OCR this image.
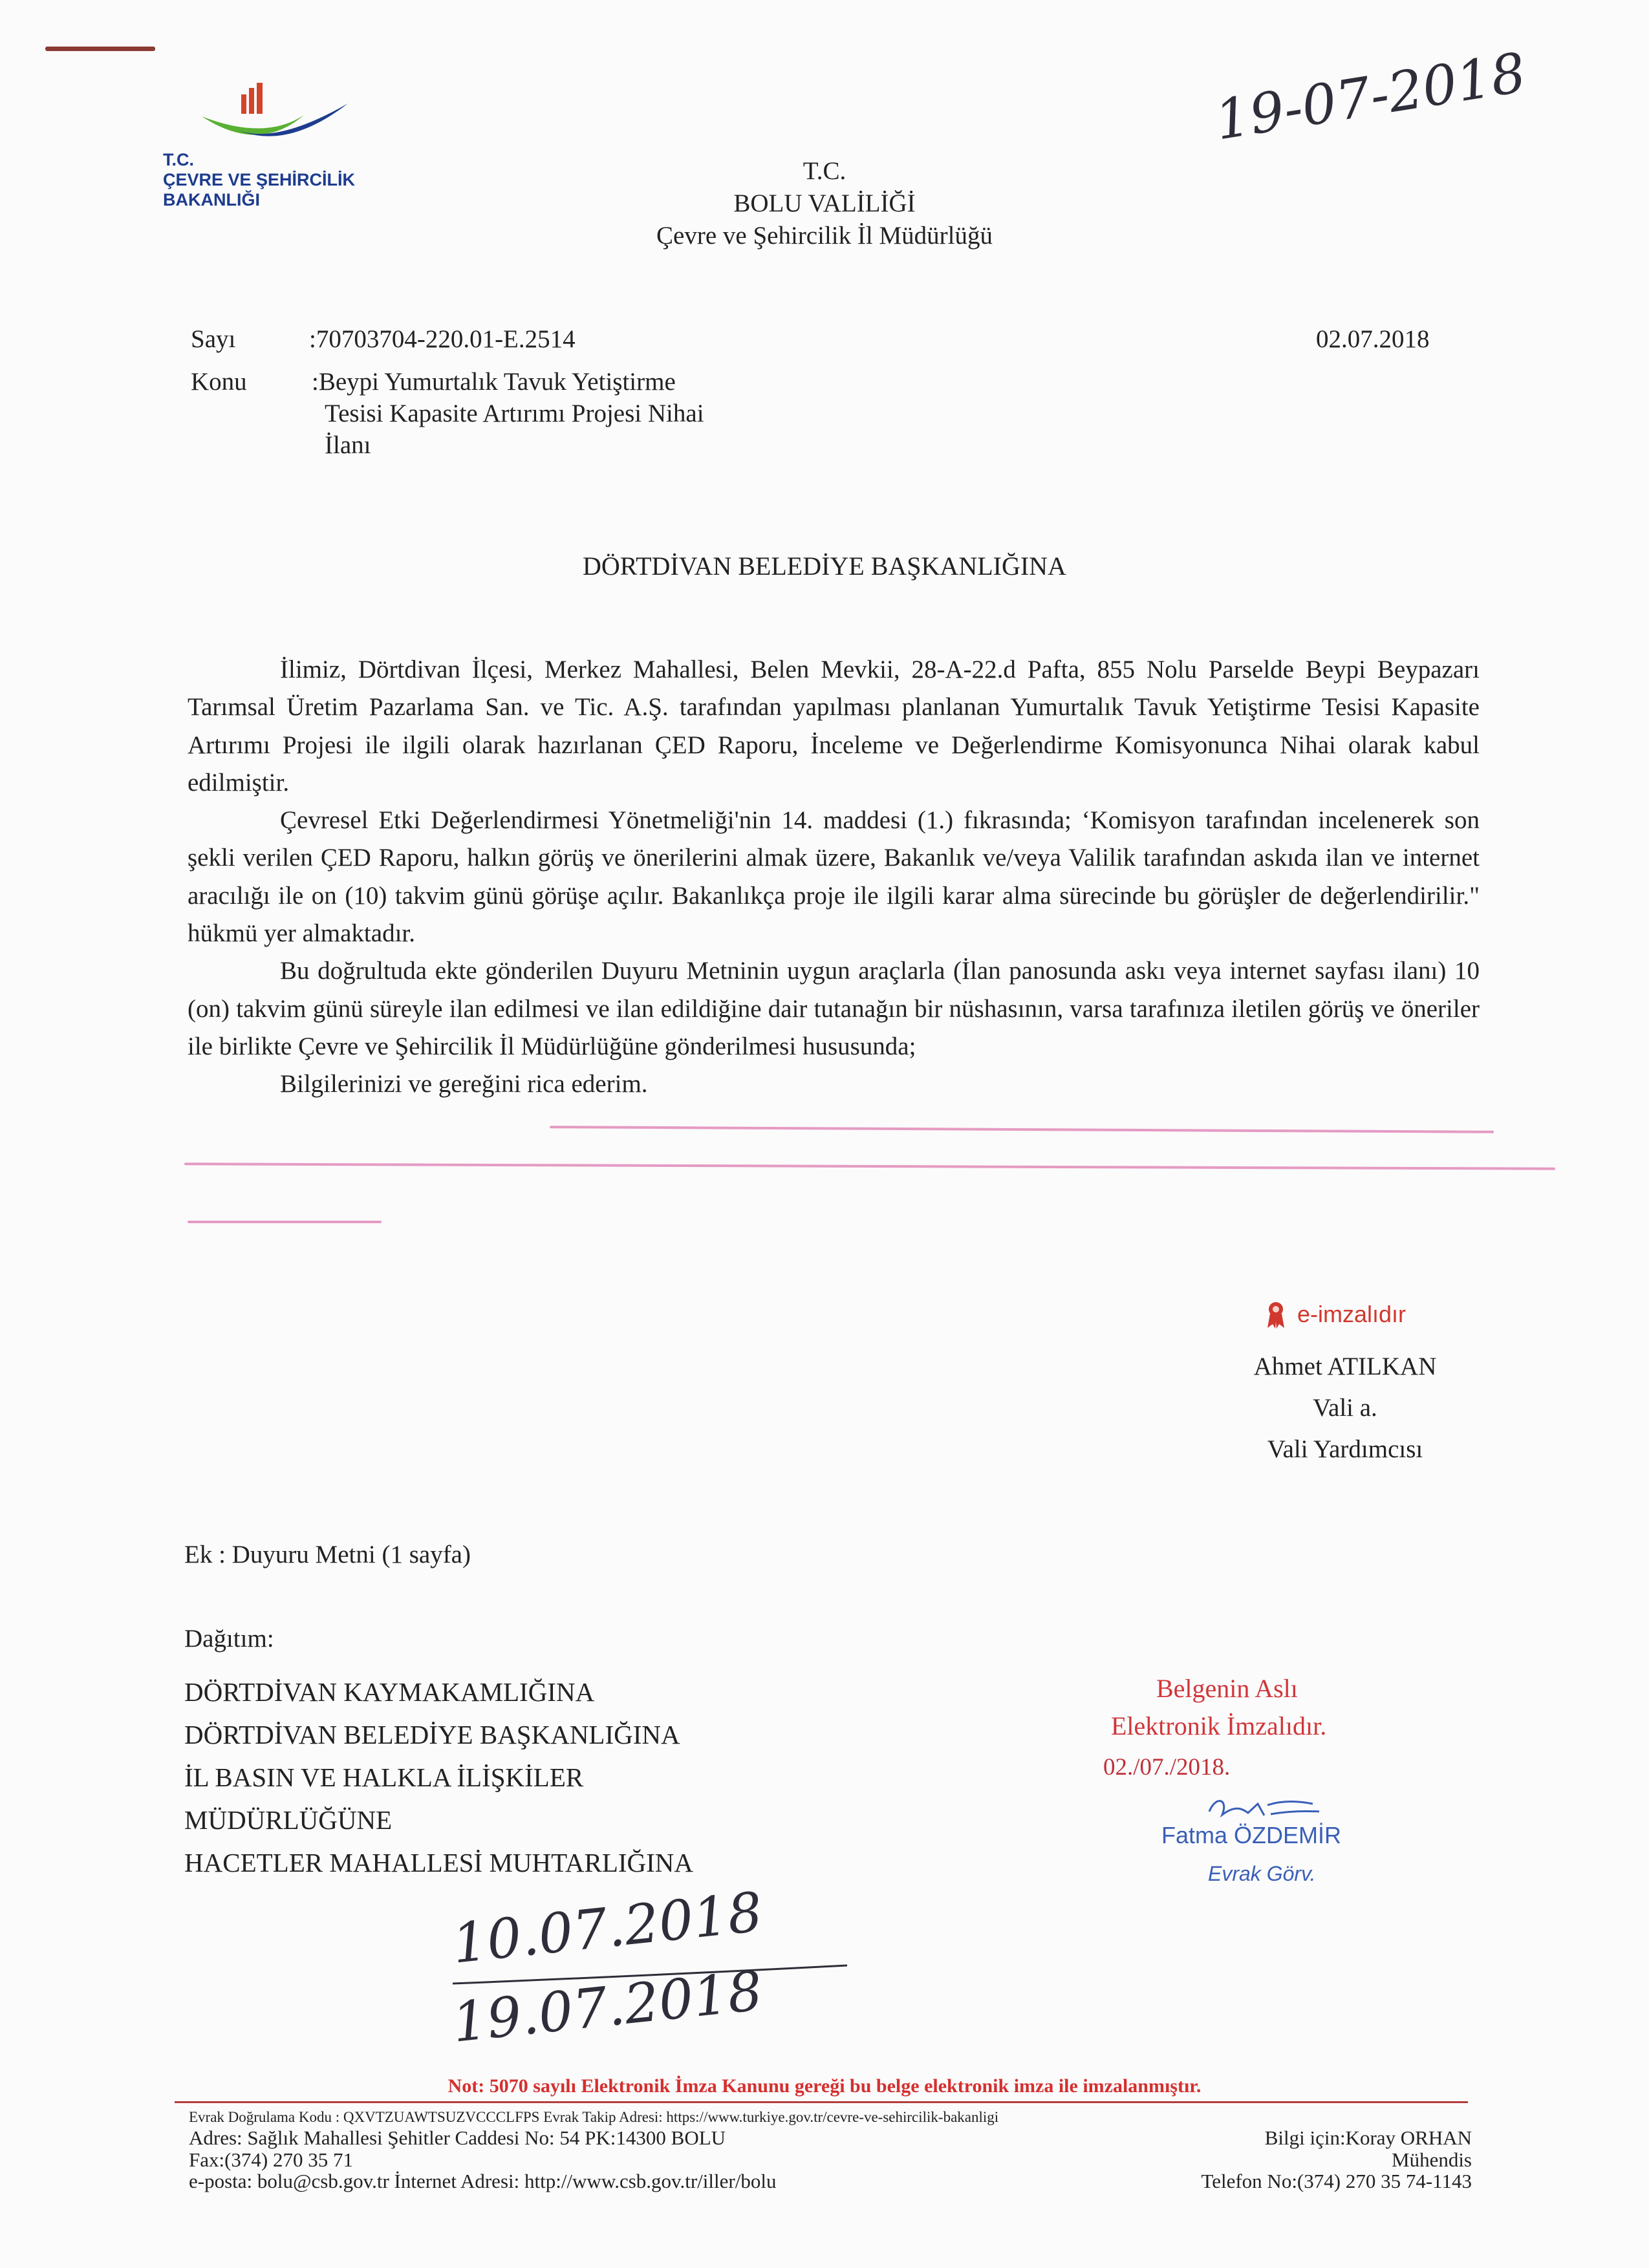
T.C.
ÇEVRE VE ŞEHİRCİLİK
BAKANLIĞI
T.C.
BOLU VALİLİĞİ
Çevre ve Şehircilik İl Müdürlüğü
19-07-2018
Sayı	:70703704-220.01-E.2514
Konu	:Beypi Yumurtalık Tavuk Yetiştirme
Tesisi Kapasite Artırımı Projesi Nihai
İlanı
02.07.2018
DÖRTDİVAN BELEDİYE BAŞKANLIĞINA

İlimiz, Dörtdivan İlçesi, Merkez Mahallesi, Belen Mevkii, 28-A-22.d Pafta, 855 Nolu Parselde Beypi Beypazarı Tarımsal Üretim Pazarlama San. ve Tic. A.Ş. tarafından yapılması planlanan Yumurtalık Tavuk Yetiştirme Tesisi Kapasite Artırımı Projesi ile ilgili olarak hazırlanan ÇED Raporu, İnceleme ve Değerlendirme Komisyonunca Nihai olarak kabul edilmiştir.

Çevresel Etki Değerlendirmesi Yönetmeliği'nin 14. maddesi (1.) fıkrasında; ‘Komisyon tarafından incelenerek son şekli verilen ÇED Raporu, halkın görüş ve önerilerini almak üzere, Bakanlık ve/veya Valilik tarafından askıda ilan ve internet aracılığı ile on (10) takvim günü görüşe açılır. Bakanlıkça proje ile ilgili karar alma sürecinde bu görüşler de değerlendirilir." hükmü yer almaktadır.

Bu doğrultuda ekte gönderilen Duyuru Metninin uygun araçlarla (İlan panosunda askı veya internet sayfası ilanı) 10 (on) takvim günü süreyle ilan edilmesi ve ilan edildiğine dair tutanağın bir nüshasının, varsa tarafınıza iletilen görüş ve öneriler ile birlikte Çevre ve Şehircilik İl Müdürlüğüne gönderilmesi hususunda;

Bilgilerinizi ve gereğini rica ederim.

e-imzalıdır
Ahmet ATILKAN
Vali a.
Vali Yardımcısı
Ek : Duyuru Metni (1 sayfa)
Dağıtım:
DÖRTDİVAN KAYMAKAMLIĞINA
DÖRTDİVAN BELEDİYE BAŞKANLIĞINA
İL BASIN VE HALKLA İLİŞKİLER
MÜDÜRLÜĞÜNE
HACETLER MAHALLESİ MUHTARLIĞINA
Belgenin Aslı
Elektronik İmzalıdır.
02./07./2018.
Fatma ÖZDEMİR
Evrak Görv.
10.07.2018
19.07.2018
Not: 5070 sayılı Elektronik İmza Kanunu gereği bu belge elektronik imza ile imzalanmıştır.
Evrak Doğrulama Kodu : QXVTZUAWTSUZVCCCLFPS Evrak Takip Adresi: https://www.turkiye.gov.tr/cevre-ve-sehircilik-bakanligi
Adres: Sağlık Mahallesi Şehitler Caddesi No: 54 PK:14300 BOLU
Fax:(374) 270 35 71
e-posta: bolu@csb.gov.tr İnternet Adresi: http://www.csb.gov.tr/iller/bolu
Bilgi için:Koray ORHAN
Mühendis
Telefon No:(374) 270 35 74-1143
